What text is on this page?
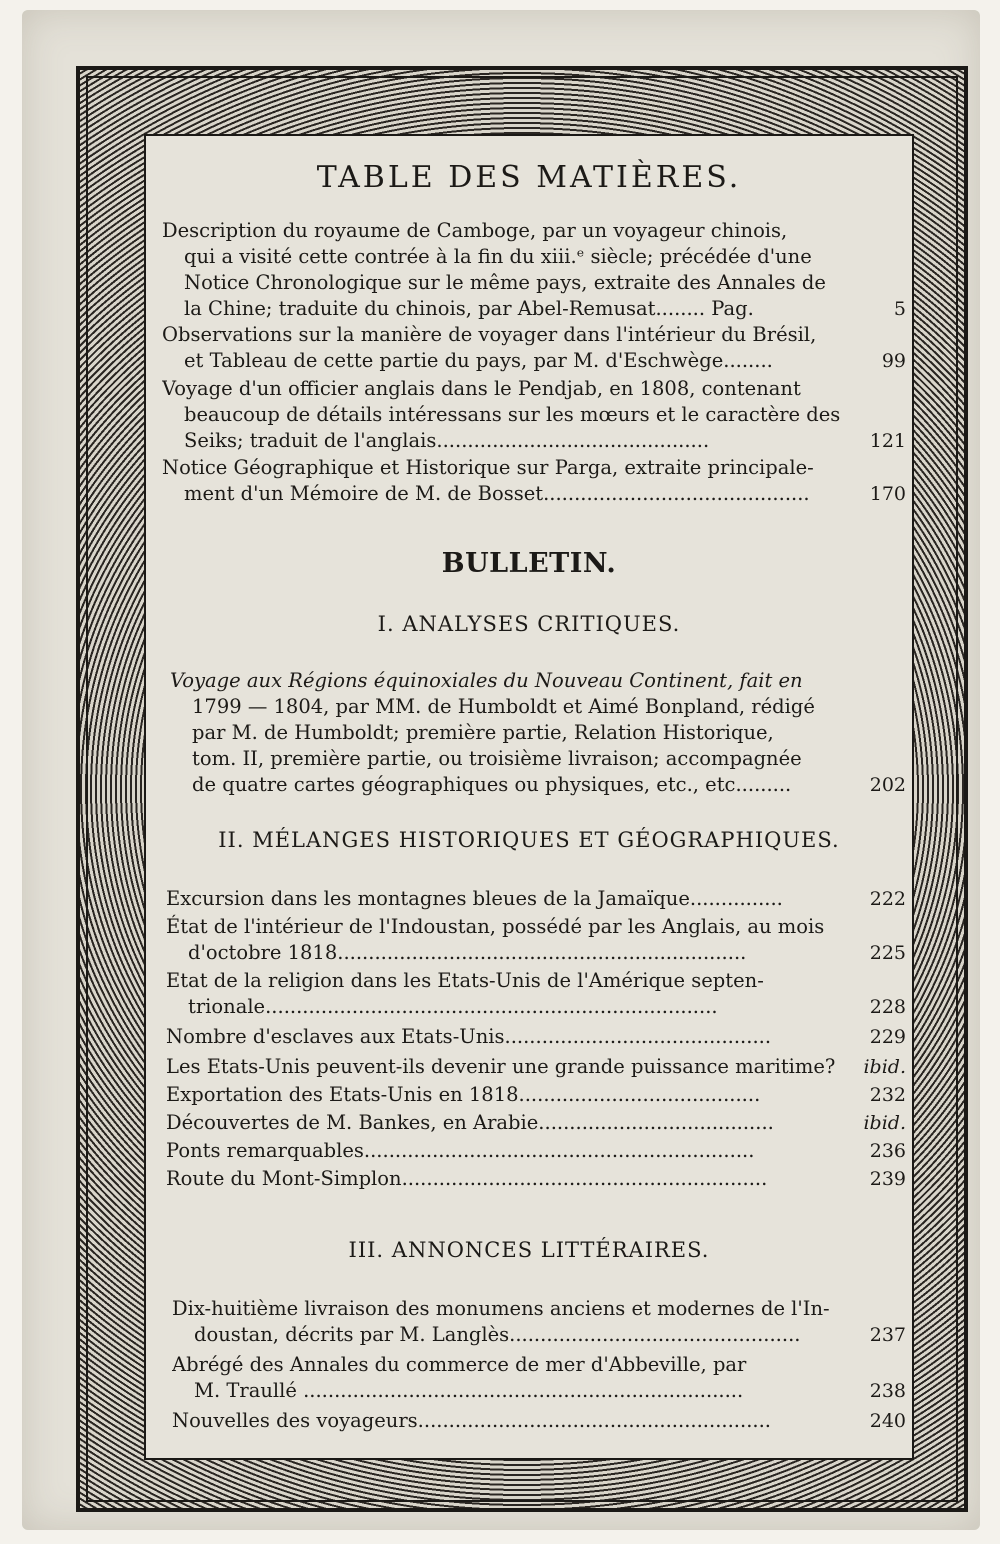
TABLE DES MATIÈRES.
Description du royaume de Camboge, par un voyageur chinois,
qui a visité cette contrée à la fin du xiii.ᵉ siècle; précédée d'une
Notice Chronologique sur le même pays, extraite des Annales de
la Chine; traduite du chinois, par Abel-Remusat........ Pag.	5
Observations sur la manière de voyager dans l'intérieur du Brésil,
et Tableau de cette partie du pays, par M. d'Eschwège........	99
Voyage d'un officier anglais dans le Pendjab, en 1808, contenant
beaucoup de détails intéressans sur les mœurs et le caractère des
Seiks; traduit de l'anglais............................................	121
Notice Géographique et Historique sur Parga, extraite principale-
ment d'un Mémoire de M. de Bosset...........................................	170
BULLETIN.
I. ANALYSES CRITIQUES.
Voyage aux Régions équinoxiales du Nouveau Continent, fait en
1799 — 1804, par MM. de Humboldt et Aimé Bonpland, rédigé
par M. de Humboldt; première partie, Relation Historique,
tom. II, première partie, ou troisième livraison; accompagnée
de quatre cartes géographiques ou physiques, etc., etc.........	202
II. MÉLANGES HISTORIQUES ET GÉOGRAPHIQUES.
Excursion dans les montagnes bleues de la Jamaïque...............	222
État de l'intérieur de l'Indoustan, possédé par les Anglais, au mois
d'octobre 1818..................................................................	225
Etat de la religion dans les Etats-Unis de l'Amérique septen-
trionale.........................................................................	228
Nombre d'esclaves aux Etats-Unis...........................................	229
Les Etats-Unis peuvent-ils devenir une grande puissance maritime?	ibid.
Exportation des Etats-Unis en 1818.......................................	232
Découvertes de M. Bankes, en Arabie......................................	ibid.
Ponts remarquables...............................................................	236
Route du Mont-Simplon...........................................................	239
III. ANNONCES LITTÉRAIRES.
Dix-huitième livraison des monumens anciens et modernes de l'In-
doustan, décrits par M. Langlès...............................................	237
Abrégé des Annales du commerce de mer d'Abbeville, par
M. Traullé .......................................................................	238
Nouvelles des voyageurs.........................................................	240
